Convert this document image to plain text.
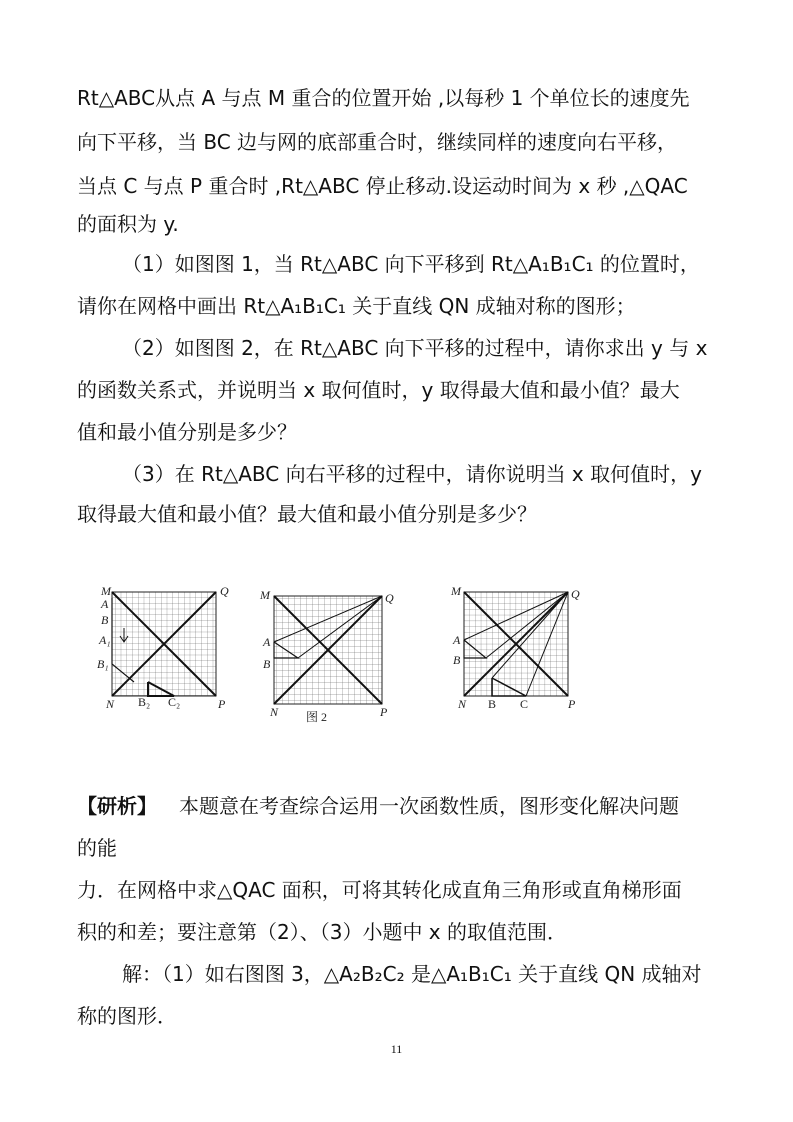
Rt△ABC从点 A 与点 M 重合的位置开始 ,以每秒 1 个单位长的速度先
向下平移，当 BC 边与网的底部重合时，继续同样的速度向右平移，
当点 C 与点 P 重合时 ,Rt△ABC 停止移动.设运动时间为 x 秒 ,△QAC
的面积为 y.
（1）如图图 1，当 Rt△ABC 向下平移到 Rt△A₁B₁C₁ 的位置时，
请你在网格中画出 Rt△A₁B₁C₁ 关于直线 QN 成轴对称的图形；
（2）如图图 2，在 Rt△ABC 向下平移的过程中，请你求出 y 与 x
的函数关系式，并说明当 x 取何值时，y 取得最大值和最小值？最大
值和最小值分别是多少？
（3）在 Rt△ABC 向右平移的过程中，请你说明当 x 取何值时，y
取得最大值和最小值？最大值和最小值分别是多少？
M	Q
A
B
A₁
B₁
N B₂ C₂	P
M	Q
A
B
N	P
图 2
M	Q
A
B
N B C	P
【研析】 本题意在考查综合运用一次函数性质，图形变化解决问题
的能
力．在网格中求△QAC 面积，可将其转化成直角三角形或直角梯形面
积的和差；要注意第（2）、（3）小题中 x 的取值范围．
解：（1）如右图图 3，△A₂B₂C₂ 是△A₁B₁C₁ 关于直线 QN 成轴对
称的图形．
11
